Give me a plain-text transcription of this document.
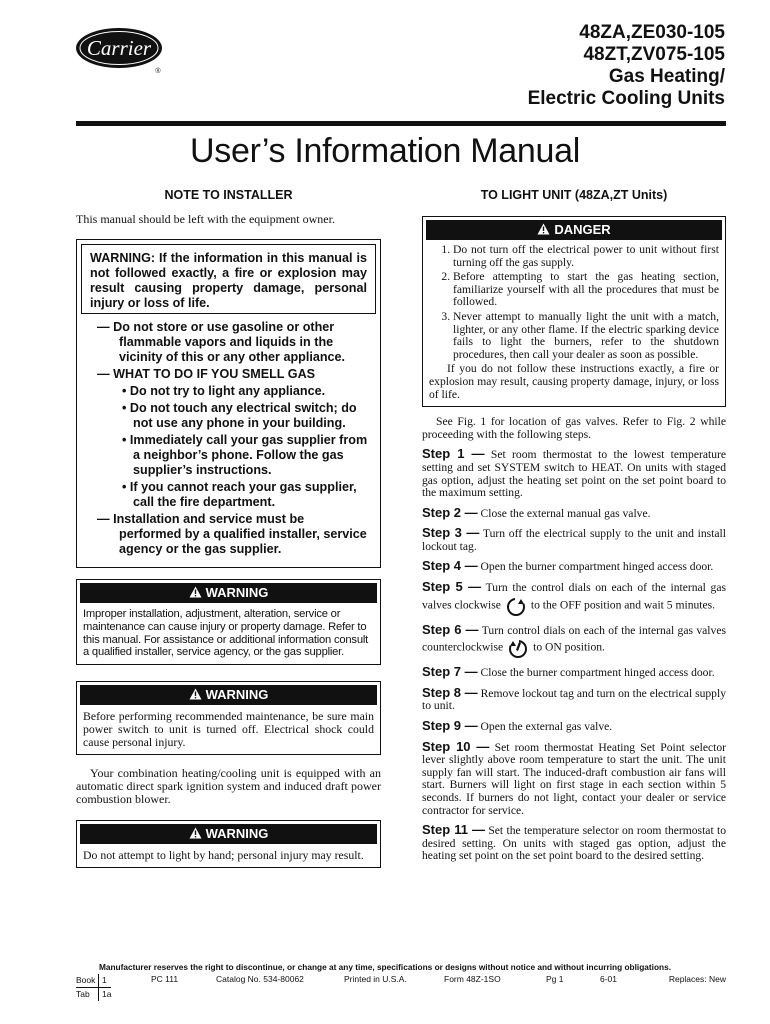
Carrier
®
48ZA,ZE030-105
48ZT,ZV075-105
Gas Heating/
Electric Cooling Units
User’s Information Manual
NOTE TO INSTALLER
This manual should be left with the equipment owner.
WARNING: If the information in this manual is not followed exactly, a fire or explosion may result causing property damage, personal injury or loss of life.
— Do not store or use gasoline or other flammable vapors and liquids in the vicinity of this or any other appliance.
— WHAT TO DO IF YOU SMELL GAS
• Do not try to light any appliance.
• Do not touch any electrical switch; do not use any phone in your building.
• Immediately call your gas supplier from a neighbor’s phone. Follow the gas supplier’s instructions.
• If you cannot reach your gas supplier, call the fire department.
— Installation and service must be performed by a qualified installer, service agency or the gas supplier.
WARNING
Improper installation, adjustment, alteration, service or maintenance can cause injury or property damage. Refer to this manual. For assistance or additional information consult a qualified installer, service agency, or the gas supplier.
WARNING
Before performing recommended maintenance, be sure main power switch to unit is turned off. Electrical shock could cause personal injury.
Your combination heating/cooling unit is equipped with an automatic direct spark ignition system and induced draft power combustion blower.
WARNING
Do not attempt to light by hand; personal injury may result.
TO LIGHT UNIT (48ZA,ZT Units)
DANGER
1. Do not turn off the electrical power to unit without first turning off the gas supply.
2. Before attempting to start the gas heating section, familiarize yourself with all the procedures that must be followed.
3. Never attempt to manually light the unit with a match, lighter, or any other flame. If the electric sparking device fails to light the burners, refer to the shutdown procedures, then call your dealer as soon as possible.
If you do not follow these instructions exactly, a fire or explosion may result, causing property damage, injury, or loss of life.
See Fig. 1 for location of gas valves. Refer to Fig. 2 while proceeding with the following steps.
Step 1 — Set room thermostat to the lowest temperature setting and set SYSTEM switch to HEAT. On units with staged gas option, adjust the heating set point on the set point board to the maximum setting.
Step 2 — Close the external manual gas valve.
Step 3 — Turn off the electrical supply to the unit and install lockout tag.
Step 4 — Open the burner compartment hinged access door.
Step 5 — Turn the control dials on each of the internal gas valves clockwise	to the OFF position and wait 5 minutes.
Step 6 — Turn control dials on each of the internal gas valves counterclockwise	to ON position.
Step 7 — Close the burner compartment hinged access door.
Step 8 — Remove lockout tag and turn on the electrical supply to unit.
Step 9 — Open the external gas valve.
Step 10 — Set room thermostat Heating Set Point selector lever slightly above room temperature to start the unit. The unit supply fan will start. The induced-draft combustion air fans will start. Burners will light on first stage in each section within 5 seconds. If burners do not light, contact your dealer or service contractor for service.
Step 11 — Set the temperature selector on room thermostat to desired setting. On units with staged gas option, adjust the heating set point on the set point board to the desired setting.
Manufacturer reserves the right to discontinue, or change at any time, specifications or designs without notice and without incurring obligations.
Book 1
Tab 1a
PC 111	Catalog No. 534-80062	Printed in U.S.A.	Form 48Z-1SO	Pg 1	6-01	Replaces: New
